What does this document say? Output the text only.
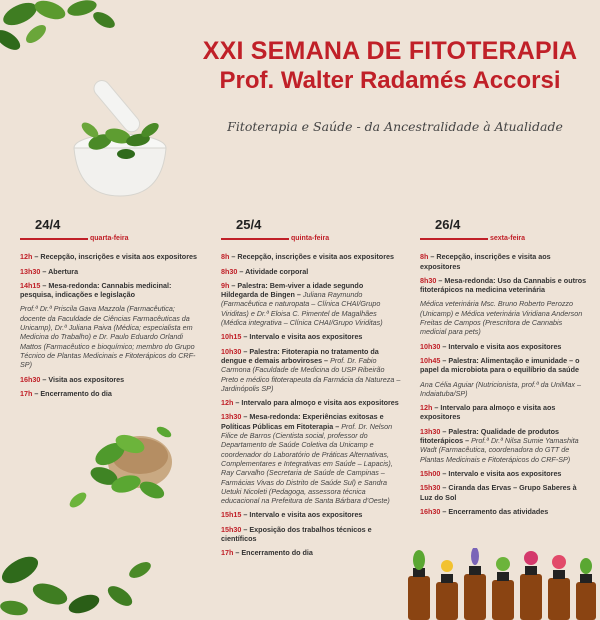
XXI SEMANA DE FITOTERAPIA
Prof. Walter Radamés Accorsi
Fitoterapia e Saúde - da Ancestralidade à Atualidade
24/4
quarta-feira
12h – Recepção, inscrições e visita aos expositores
13h30 – Abertura
14h15 – Mesa-redonda: Cannabis medicinal: pesquisa, indicações e legislação
Prof.ª Dr.ª Priscila Gava Mazzola (Farmacêutica; docente da Faculdade de Ciências Farmacêuticas da Unicamp), Dr.ª Juliana Paiva (Médica; especialista em Medicina do Trabalho) e Dr. Paulo Eduardo Orlandi Mattos (Farmacêutico e bioquímico; membro do Grupo Técnico de Plantas Medicinais e Fitoterápicos do CRF-SP)
16h30 – Visita aos expositores
17h – Encerramento do dia
25/4
quinta-feira
8h – Recepção, inscrições e visita aos expositores
8h30 – Atividade corporal
9h – Palestra: Bem-viver a idade segundo Hildegarda de Bingen – Juliana Raymundo (Farmacêutica e naturopata – Clínica CHAI/Grupo Viriditas) e Dr.ª Eloisa C. Pimentel de Magalhães (Médica integrativa – Clínica CHAI/Grupo Viriditas)
10h15 – Intervalo e visita aos expositores
10h30 – Palestra: Fitoterapia no tratamento da dengue e demais arboviroses – Prof. Dr. Fabio Carmona (Faculdade de Medicina do USP Ribeirão Preto e médico fitoterapeuta da Farmácia da Natureza – Jardinópolis SP)
12h – Intervalo para almoço e visita aos expositores
13h30 – Mesa-redonda: Experiências exitosas e Políticas Públicas em Fitoterapia – Prof. Dr. Nelson Filice de Barros (Cientista social, professor do Departamento de Saúde Coletiva da Unicamp e coordenador do Laboratório de Práticas Alternativas, Complementares e Integrativas em Saúde – Lapacis), Ray Carvalho (Secretaria de Saúde de Campinas – Farmácias Vivas do Distrito de Saúde Sul) e Sandra Uetuki Nicoleti (Pedagoga, assessora técnica educacional na Prefeitura de Santa Bárbara d'Oeste)
15h15 – Intervalo e visita aos expositores
15h30 – Exposição dos trabalhos técnicos e científicos
17h – Encerramento do dia
26/4
sexta-feira
8h – Recepção, inscrições e visita aos expositores
8h30 – Mesa-redonda: Uso da Cannabis e outros fitoterápicos na medicina veterinária
Médica veterinária Msc. Bruno Roberto Perozzo (Unicamp) e Médica veterinária Viridiana Anderson Freitas de Campos (Prescritora de Cannabis medicial para pets)
10h30 – Intervalo e visita aos expositores
10h45 – Palestra: Alimentação e imunidade – o papel da microbiota para o equilíbrio da saúde
Ana Célia Aguiar (Nutricionista, prof.ª da UniMax – Indaiatuba/SP)
12h – Intervalo para almoço e visita aos expositores
13h30 – Palestra: Qualidade de produtos fitoterápicos – Prof.ª Dr.ª Nilsa Sumie Yamashita Wadt (Farmacêutica, coordenadora do GTT de Plantas Medicinais e Fitoterápicos do CRF-SP)
15h00 – Intervalo e visita aos expositores
15h30 – Ciranda das Ervas – Grupo Saberes à Luz do Sol
16h30 – Encerramento das atividades
